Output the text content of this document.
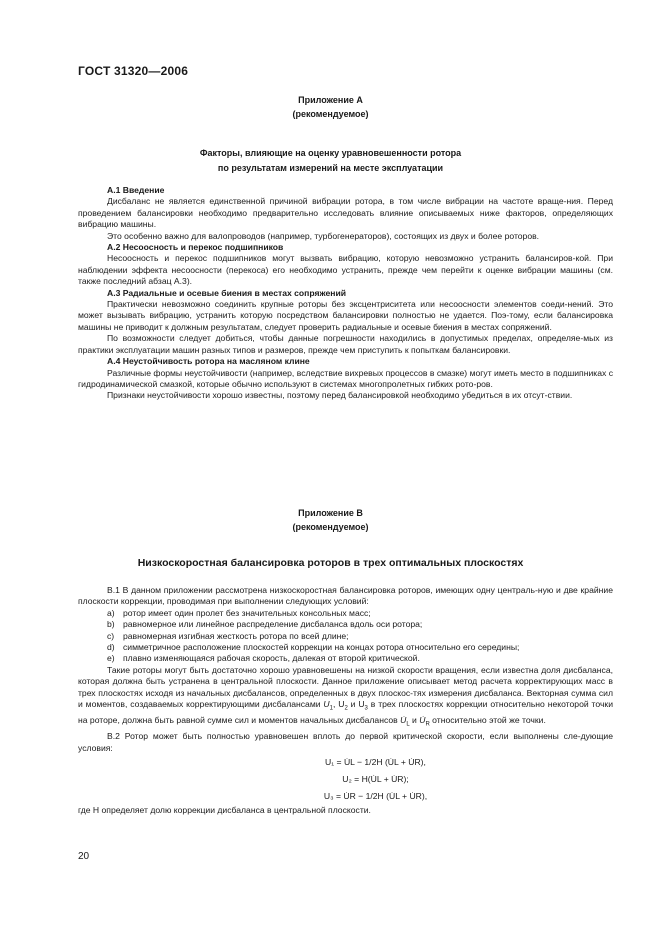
ГОСТ 31320—2006
Приложение А
(рекомендуемое)
Факторы, влияющие на оценку уравновешенности ротора
по результатам измерений на месте эксплуатации

А.1 Введение

Дисбаланс не является единственной причиной вибрации ротора, в том числе вибрации на частоте враще-ния. Перед проведением балансировки необходимо предварительно исследовать влияние описываемых ниже факторов, определяющих вибрацию машины.

Это особенно важно для валопроводов (например, турбогенераторов), состоящих из двух и более роторов.

А.2 Несоосность и перекос подшипников

Несоосность и перекос подшипников могут вызвать вибрацию, которую невозможно устранить балансиров-кой. При наблюдении эффекта несоосности (перекоса) его необходимо устранить, прежде чем перейти к оценке вибрации машины (см. также последний абзац А.3).

А.3 Радиальные и осевые биения в местах сопряжений

Практически невозможно соединить крупные роторы без эксцентриситета или несоосности элементов соеди-нений. Это может вызывать вибрацию, устранить которую посредством балансировки полностью не удается. Поэ-тому, если балансировка машины не приводит к должным результатам, следует проверить радиальные и осевые биения в местах сопряжений.

По возможности следует добиться, чтобы данные погрешности находились в допустимых пределах, определяе-мых из практики эксплуатации машин разных типов и размеров, прежде чем приступить к попыткам балансировки.

А.4 Неустойчивость ротора на масляном клине

Различные формы неустойчивости (например, вследствие вихревых процессов в смазке) могут иметь место в подшипниках с гидродинамической смазкой, которые обычно используют в системах многопролетных гибких рото-ров.

Признаки неустойчивости хорошо известны, поэтому перед балансировкой необходимо убедиться в их отсут-ствии.

Приложение В
(рекомендуемое)
Низкоскоростная балансировка роторов в трех оптимальных плоскостях

В.1 В данном приложении рассмотрена низкоскоростная балансировка роторов, имеющих одну централь-ную и две крайние плоскости коррекции, проводимая при выполнении следующих условий:

а) ротор имеет один пролет без значительных консольных масс;
b) равномерное или линейное распределение дисбаланса вдоль оси ротора;
с) равномерная изгибная жесткость ротора по всей длине;
d) симметричное расположение плоскостей коррекции на концах ротора относительно его середины;
е) плавно изменяющаяся рабочая скорость, далекая от второй критической.

Такие роторы могут быть достаточно хорошо уравновешены на низкой скорости вращения, если известна доля дисбаланса, которая должна быть устранена в центральной плоскости. Данное приложение описывает метод расчета корректирующих масс в трех плоскостях исходя из начальных дисбалансов, определенных в двух плоскос-тях измерения дисбаланса. Векторная сумма сил и моментов, создаваемых корректирующими дисбалансами $U_1$, $U_2$ и $U_3$ в трех плоскостях коррекции относительно некоторой точки на роторе, должна быть равной сумме сил и моментов начальных дисбалансов $U̇_L$ и $U̇_R$ относительно этой же точки.

В.2 Ротор может быть полностью уравновешен вплоть до первой критической скорости, если выполнены сле-дующие условия:

U₁ = U̇L − 1/2H (U̇L + U̇R),

U₂ = H(U̇L + U̇R);

U₃ = U̇R − 1/2H (U̇L + U̇R),

где H определяет долю коррекции дисбаланса в центральной плоскости.

20
